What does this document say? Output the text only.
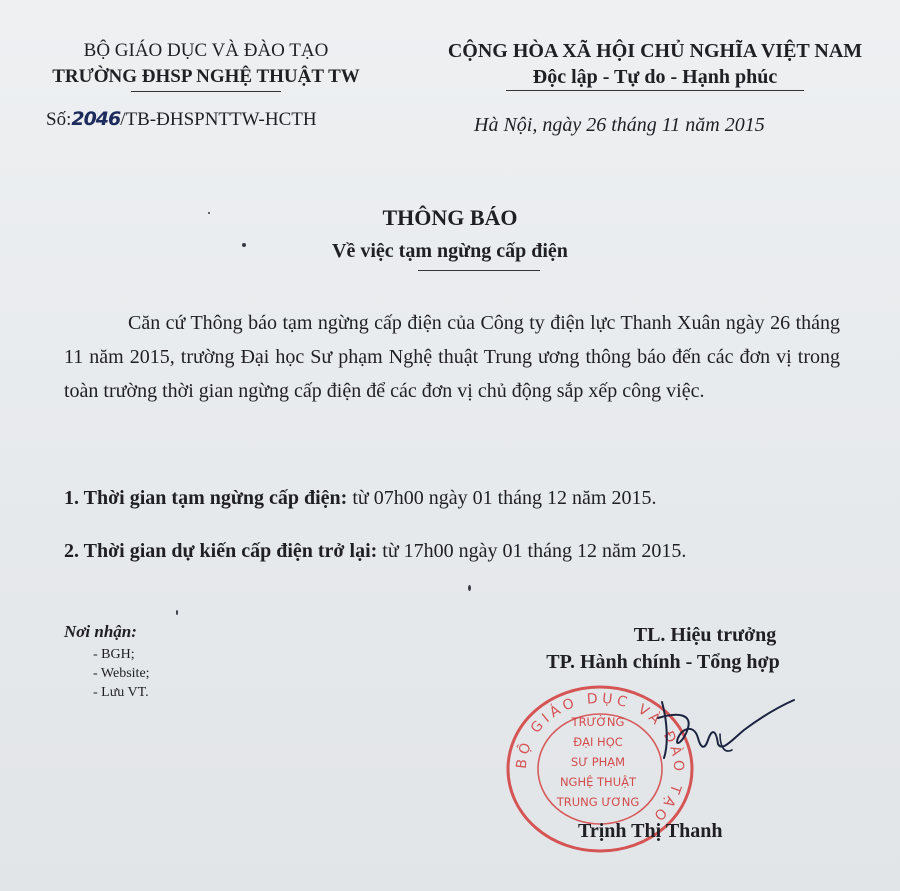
BỘ GIÁO DỤC VÀ ĐÀO TẠO
TRƯỜNG ĐHSP NGHỆ THUẬT TW
CỘNG HÒA XÃ HỘI CHỦ NGHĨA VIỆT NAM
Độc lập - Tự do - Hạnh phúc
Số:2046/TB-ĐHSPNTTW-HCTH	Hà Nội, ngày 26 tháng 11 năm 2015
THÔNG BÁO
Về việc tạm ngừng cấp điện

Căn cứ Thông báo tạm ngừng cấp điện của Công ty điện lực Thanh Xuân ngày 26 tháng 11 năm 2015, trường Đại học Sư phạm Nghệ thuật Trung ương thông báo đến các đơn vị trong toàn trường thời gian ngừng cấp điện để các đơn vị chủ động sắp xếp công việc.

1. Thời gian tạm ngừng cấp điện: từ 07h00 ngày 01 tháng 12 năm 2015.
2. Thời gian dự kiến cấp điện trở lại: từ 17h00 ngày 01 tháng 12 năm 2015.
Nơi nhận:
- BGH;
- Website;
- Lưu VT.
TL. Hiệu trưởng
TP. Hành chính - Tổng hợp
BỘ GIÁO DỤC VÀ ĐÀO TẠO
TRƯỜNG
ĐẠI HỌC
SƯ PHẠM
NGHỆ THUẬT
TRUNG ƯƠNG
Trịnh Thị Thanh
